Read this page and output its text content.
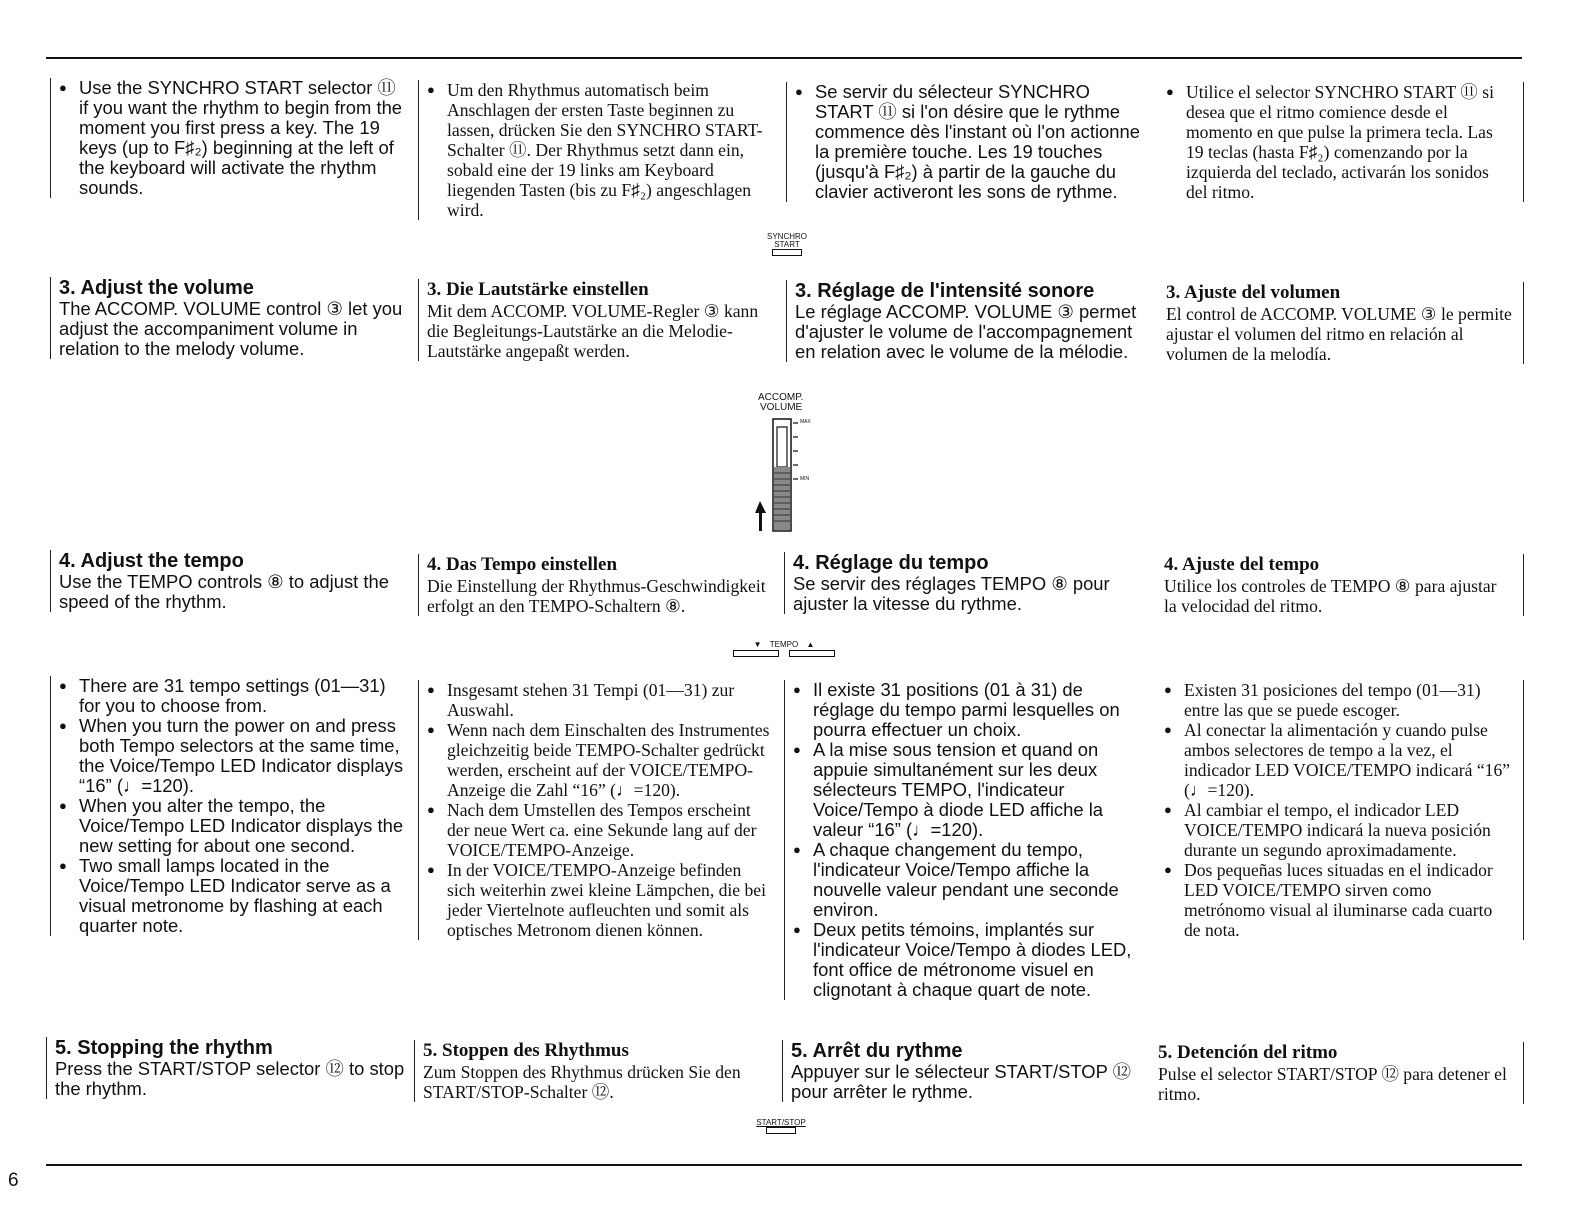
6
● Use the SYNCHRO START selector ⑪ if you want the rhythm to begin from the moment you first press a key. The 19 keys (up to F♯₂) beginning at the left of the keyboard will activate the rhythm sounds.
● Um den Rhythmus automatisch beim Anschlagen der ersten Taste beginnen zu lassen, drücken Sie den SYNCHRO START-Schalter ⑪. Der Rhythmus setzt dann ein, sobald eine der 19 links am Keyboard liegenden Tasten (bis zu F♯₂) angeschlagen wird.
● Se servir du sélecteur SYNCHRO START ⑪ si l'on désire que le rythme commence dès l'instant où l'on actionne la première touche. Les 19 touches (jusqu'à F♯₂) à partir de la gauche du clavier activeront les sons de rythme.
● Utilice el selector SYNCHRO START ⑪ si desea que el ritmo comience desde el momento en que pulse la primera tecla. Las 19 teclas (hasta F♯₂) comenzando por la izquierda del teclado, activarán los sonidos del ritmo.
SYNCHRO START
3. Adjust the volume

The ACCOMP. VOLUME control ③ let you adjust the accompaniment volume in relation to the melody volume.

3. Die Lautstärke einstellen

Mit dem ACCOMP. VOLUME-Regler ③ kann die Begleitungs-Lautstärke an die Melodie-Lautstärke angepaßt werden.

3. Réglage de l'intensité sonore

Le réglage ACCOMP. VOLUME ③ permet d'ajuster le volume de l'accompagnement en relation avec le volume de la mélodie.

3. Ajuste del volumen

El control de ACCOMP. VOLUME ③ le permite ajustar el volumen del ritmo en relación al volumen de la melodía.

ACCOMP.
VOLUME
MAX
MIN
4. Adjust the tempo

Use the TEMPO controls ⑧ to adjust the speed of the rhythm.

4. Das Tempo einstellen

Die Einstellung der Rhythmus-Geschwindigkeit erfolgt an den TEMPO-Schaltern ⑧.

4. Réglage du tempo

Se servir des réglages TEMPO ⑧ pour ajuster la vitesse du rythme.

4. Ajuste del tempo

Utilice los controles de TEMPO ⑧ para ajustar la velocidad del ritmo.

▼ TEMPO ▲
● There are 31 tempo settings (01—31) for you to choose from.
● When you turn the power on and press both Tempo selectors at the same time, the Voice/Tempo LED Indicator displays “16” (♩=120).
● When you alter the tempo, the Voice/Tempo LED Indicator displays the new setting for about one second.
● Two small lamps located in the Voice/Tempo LED Indicator serve as a visual metronome by flashing at each quarter note.
● Insgesamt stehen 31 Tempi (01—31) zur Auswahl.
● Wenn nach dem Einschalten des Instrumentes gleichzeitig beide TEMPO-Schalter gedrückt werden, erscheint auf der VOICE/TEMPO-Anzeige die Zahl “16” (♩=120).
● Nach dem Umstellen des Tempos erscheint der neue Wert ca. eine Sekunde lang auf der VOICE/TEMPO-Anzeige.
● In der VOICE/TEMPO-Anzeige befinden sich weiterhin zwei kleine Lämpchen, die bei jeder Viertelnote aufleuchten und somit als optisches Metronom dienen können.
● Il existe 31 positions (01 à 31) de réglage du tempo parmi lesquelles on pourra effectuer un choix.
● A la mise sous tension et quand on appuie simultanément sur les deux sélecteurs TEMPO, l'indicateur Voice/Tempo à diode LED affiche la valeur “16” (♩=120).
● A chaque changement du tempo, l'indicateur Voice/Tempo affiche la nouvelle valeur pendant une seconde environ.
● Deux petits témoins, implantés sur l'indicateur Voice/Tempo à diodes LED, font office de métronome visuel en clignotant à chaque quart de note.
● Existen 31 posiciones del tempo (01—31) entre las que se puede escoger.
● Al conectar la alimentación y cuando pulse ambos selectores de tempo a la vez, el indicador LED VOICE/TEMPO indicará “16” (♩=120).
● Al cambiar el tempo, el indicador LED VOICE/TEMPO indicará la nueva posición durante un segundo aproximadamente.
● Dos pequeñas luces situadas en el indicador LED VOICE/TEMPO sirven como metrónomo visual al iluminarse cada cuarto de nota.
5. Stopping the rhythm

Press the START/STOP selector ⑫ to stop the rhythm.

5. Stoppen des Rhythmus

Zum Stoppen des Rhythmus drücken Sie den START/STOP-Schalter ⑫.

5. Arrêt du rythme

Appuyer sur le sélecteur START/STOP ⑫ pour arrêter le rythme.

5. Detención del ritmo

Pulse el selector START/STOP ⑫ para detener el ritmo.

START/STOP
